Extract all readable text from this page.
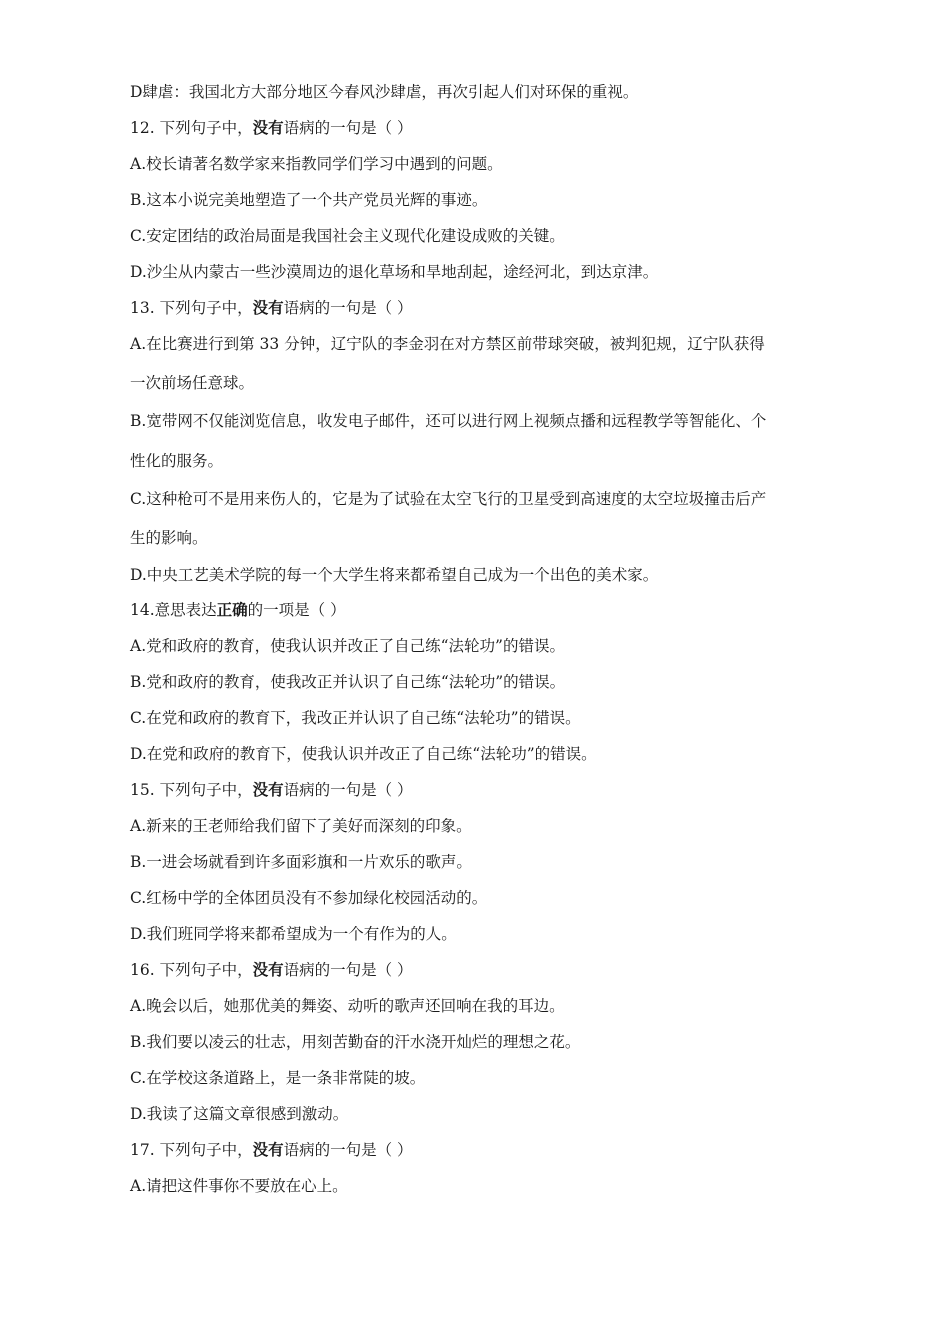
D肆虐：我国北方大部分地区今春风沙肆虐，再次引起人们对环保的重视。
12. 下列句子中，没有语病的一句是（ ）
A.校长请著名数学家来指教同学们学习中遇到的问题。
B.这本小说完美地塑造了一个共产党员光辉的事迹。
C.安定团结的政治局面是我国社会主义现代化建设成败的关键。
D.沙尘从内蒙古一些沙漠周边的退化草场和旱地刮起，途经河北，到达京津。
13. 下列句子中，没有语病的一句是（ ）
A.在比赛进行到第 33 分钟，辽宁队的李金羽在对方禁区前带球突破，被判犯规，辽宁队获得
一次前场任意球。
B.宽带网不仅能浏览信息，收发电子邮件，还可以进行网上视频点播和远程教学等智能化、个
性化的服务。
C.这种枪可不是用来伤人的，它是为了试验在太空飞行的卫星受到高速度的太空垃圾撞击后产
生的影响。
D.中央工艺美术学院的每一个大学生将来都希望自己成为一个出色的美术家。
14.意思表达正确的一项是（ ）
A.党和政府的教育，使我认识并改正了自己练“法轮功”的错误。
B.党和政府的教育，使我改正并认识了自己练“法轮功”的错误。
C.在党和政府的教育下，我改正并认识了自己练“法轮功”的错误。
D.在党和政府的教育下，使我认识并改正了自己练“法轮功”的错误。
15. 下列句子中，没有语病的一句是（ ）
A.新来的王老师给我们留下了美好而深刻的印象。
B.一进会场就看到许多面彩旗和一片欢乐的歌声。
C.红杨中学的全体团员没有不参加绿化校园活动的。
D.我们班同学将来都希望成为一个有作为的人。
16. 下列句子中，没有语病的一句是（ ）
A.晚会以后，她那优美的舞姿、动听的歌声还回响在我的耳边。
B.我们要以凌云的壮志，用刻苦勤奋的汗水浇开灿烂的理想之花。
C.在学校这条道路上，是一条非常陡的坡。
D.我读了这篇文章很感到激动。
17. 下列句子中，没有语病的一句是（ ）
A.请把这件事你不要放在心上。
